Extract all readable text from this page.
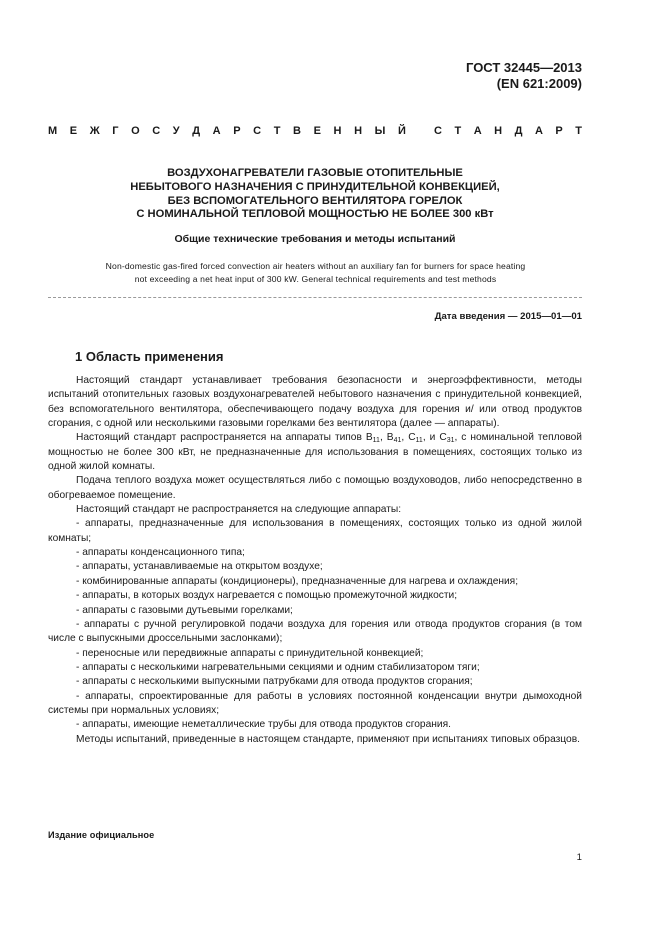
ГОСТ 32445—2013
(EN 621:2009)
М Е Ж Г О С У Д А Р С Т В Е Н Н Ы Й	С Т А Н Д А Р Т
ВОЗДУХОНАГРЕВАТЕЛИ ГАЗОВЫЕ ОТОПИТЕЛЬНЫЕ
НЕБЫТОВОГО НАЗНАЧЕНИЯ С ПРИНУДИТЕЛЬНОЙ КОНВЕКЦИЕЙ,
БЕЗ ВСПОМОГАТЕЛЬНОГО ВЕНТИЛЯТОРА ГОРЕЛОК
С НОМИНАЛЬНОЙ ТЕПЛОВОЙ МОЩНОСТЬЮ НЕ БОЛЕЕ 300 кВт
Общие технические требования и методы испытаний
Non-domestic gas-fired forced convection air heaters without an auxiliary fan for burners for space heating
not exceeding a net heat input of 300 kW. General technical requirements and test methods
Дата введения — 2015—01—01
1 Область применения

Настоящий стандарт устанавливает требования безопасности и энергоэффективности, методы испытаний отопительных газовых воздухонагревателей небытового назначения с принудительной конвекцией, без вспомогательного вентилятора, обеспечивающего подачу воздуха для горения и/ или отвод продуктов сгорания, с одной или несколькими газовыми горелками без вентилятора (далее — аппараты).

Настоящий стандарт распространяется на аппараты типов $B_{11}$, $B_{41}$, $C_{11}$, и $C_{31}$, с номинальной тепловой мощностью не более 300 кВт, не предназначенные для использования в помещениях, состоящих только из одной жилой комнаты.

Подача теплого воздуха может осуществляться либо с помощью воздуховодов, либо непосредственно в обогреваемое помещение.

Настоящий стандарт не распространяется на следующие аппараты:

- аппараты, предназначенные для использования в помещениях, состоящих только из одной жилой комнаты;

- аппараты конденсационного типа;

- аппараты, устанавливаемые на открытом воздухе;

- комбинированные аппараты (кондиционеры), предназначенные для нагрева и охлаждения;

- аппараты, в которых воздух нагревается с помощью промежуточной жидкости;

- аппараты с газовыми дутьевыми горелками;

- аппараты с ручной регулировкой подачи воздуха для горения или отвода продуктов сгорания (в том числе с выпускными дроссельными заслонками);

- переносные или передвижные аппараты с принудительной конвекцией;

- аппараты с несколькими нагревательными секциями и одним стабилизатором тяги;

- аппараты с несколькими выпускными патрубками для отвода продуктов сгорания;

- аппараты, спроектированные для работы в условиях постоянной конденсации внутри дымоходной системы при нормальных условиях;

- аппараты, имеющие неметаллические трубы для отвода продуктов сгорания.

Методы испытаний, приведенные в настоящем стандарте, применяют при испытаниях типовых образцов.

Издание официальное
1
